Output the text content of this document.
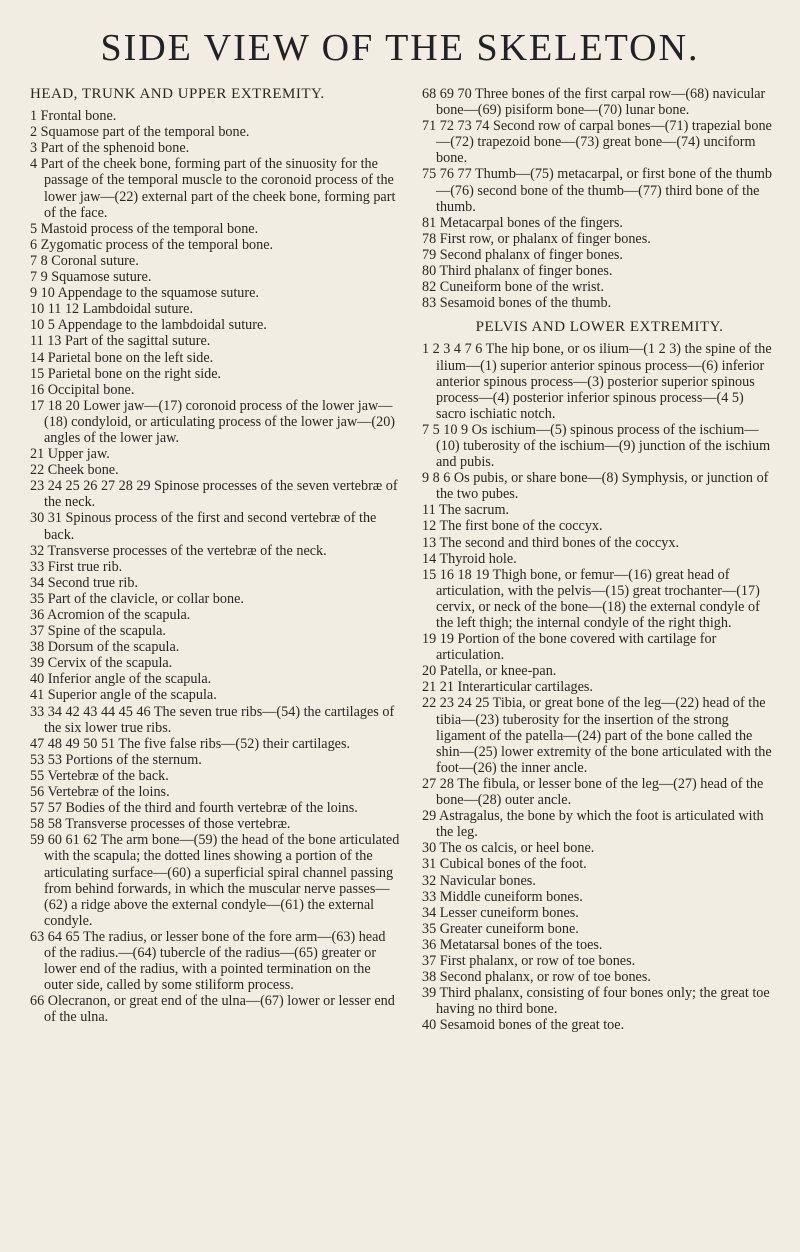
SIDE VIEW OF THE SKELETON.
HEAD, TRUNK AND UPPER EXTREMITY.

1 Frontal bone.

2 Squamose part of the temporal bone.

3 Part of the sphenoid bone.

4 Part of the cheek bone, forming part of the sinuosity for the passage of the temporal muscle to the coronoid process of the lower jaw—(22) external part of the cheek bone, forming part of the face.

5 Mastoid process of the temporal bone.

6 Zygomatic process of the temporal bone.

7 8 Coronal suture.

7 9 Squamose suture.

9 10 Appendage to the squamose suture.

10 11 12 Lambdoidal suture.

10 5 Appendage to the lambdoidal suture.

11 13 Part of the sagittal suture.

14 Parietal bone on the left side.

15 Parietal bone on the right side.

16 Occipital bone.

17 18 20 Lower jaw—(17) coronoid process of the lower jaw—(18) condyloid, or articulating process of the lower jaw—(20) angles of the lower jaw.

21 Upper jaw.

22 Cheek bone.

23 24 25 26 27 28 29 Spinose processes of the seven vertebræ of the neck.

30 31 Spinous process of the first and second vertebræ of the back.

32 Transverse processes of the vertebræ of the neck.

33 First true rib.

34 Second true rib.

35 Part of the clavicle, or collar bone.

36 Acromion of the scapula.

37 Spine of the scapula.

38 Dorsum of the scapula.

39 Cervix of the scapula.

40 Inferior angle of the scapula.

41 Superior angle of the scapula.

33 34 42 43 44 45 46 The seven true ribs—(54) the cartilages of the six lower true ribs.

47 48 49 50 51 The five false ribs—(52) their cartilages.

53 53 Portions of the sternum.

55 Vertebræ of the back.

56 Vertebræ of the loins.

57 57 Bodies of the third and fourth vertebræ of the loins.

58 58 Transverse processes of those vertebræ.

59 60 61 62 The arm bone—(59) the head of the bone articulated with the scapula; the dotted lines showing a portion of the articulating surface—(60) a superficial spiral channel passing from behind forwards, in which the muscular nerve passes—(62) a ridge above the external condyle—(61) the external condyle.

63 64 65 The radius, or lesser bone of the fore arm—(63) head of the radius.—(64) tubercle of the radius—(65) greater or lower end of the radius, with a pointed termination on the outer side, called by some stiliform process.

66 Olecranon, or great end of the ulna—(67) lower or lesser end of the ulna.

68 69 70 Three bones of the first carpal row—(68) navicular bone—(69) pisiform bone—(70) lunar bone.

71 72 73 74 Second row of carpal bones—(71) trapezial bone—(72) trapezoid bone—(73) great bone—(74) unciform bone.

75 76 77 Thumb—(75) metacarpal, or first bone of the thumb—(76) second bone of the thumb—(77) third bone of the thumb.

81 Metacarpal bones of the fingers.

78 First row, or phalanx of finger bones.

79 Second phalanx of finger bones.

80 Third phalanx of finger bones.

82 Cuneiform bone of the wrist.

83 Sesamoid bones of the thumb.

PELVIS AND LOWER EXTREMITY.

1 2 3 4 7 6 The hip bone, or os ilium—(1 2 3) the spine of the ilium—(1) superior anterior spinous process—(6) inferior anterior spinous process—(3) posterior superior spinous process—(4) posterior inferior spinous process—(4 5) sacro ischiatic notch.

7 5 10 9 Os ischium—(5) spinous process of the ischium—(10) tuberosity of the ischium—(9) junction of the ischium and pubis.

9 8 6 Os pubis, or share bone—(8) Symphysis, or junction of the two pubes.

11 The sacrum.

12 The first bone of the coccyx.

13 The second and third bones of the coccyx.

14 Thyroid hole.

15 16 18 19 Thigh bone, or femur—(16) great head of articulation, with the pelvis—(15) great trochanter—(17) cervix, or neck of the bone—(18) the external condyle of the left thigh; the internal condyle of the right thigh.

19 19 Portion of the bone covered with cartilage for articulation.

20 Patella, or knee-pan.

21 21 Interarticular cartilages.

22 23 24 25 Tibia, or great bone of the leg—(22) head of the tibia—(23) tuberosity for the insertion of the strong ligament of the patella—(24) part of the bone called the shin—(25) lower extremity of the bone articulated with the foot—(26) the inner ancle.

27 28 The fibula, or lesser bone of the leg—(27) head of the bone—(28) outer ancle.

29 Astragalus, the bone by which the foot is articulated with the leg.

30 The os calcis, or heel bone.

31 Cubical bones of the foot.

32 Navicular bones.

33 Middle cuneiform bones.

34 Lesser cuneiform bones.

35 Greater cuneiform bone.

36 Metatarsal bones of the toes.

37 First phalanx, or row of toe bones.

38 Second phalanx, or row of toe bones.

39 Third phalanx, consisting of four bones only; the great toe having no third bone.

40 Sesamoid bones of the great toe.
